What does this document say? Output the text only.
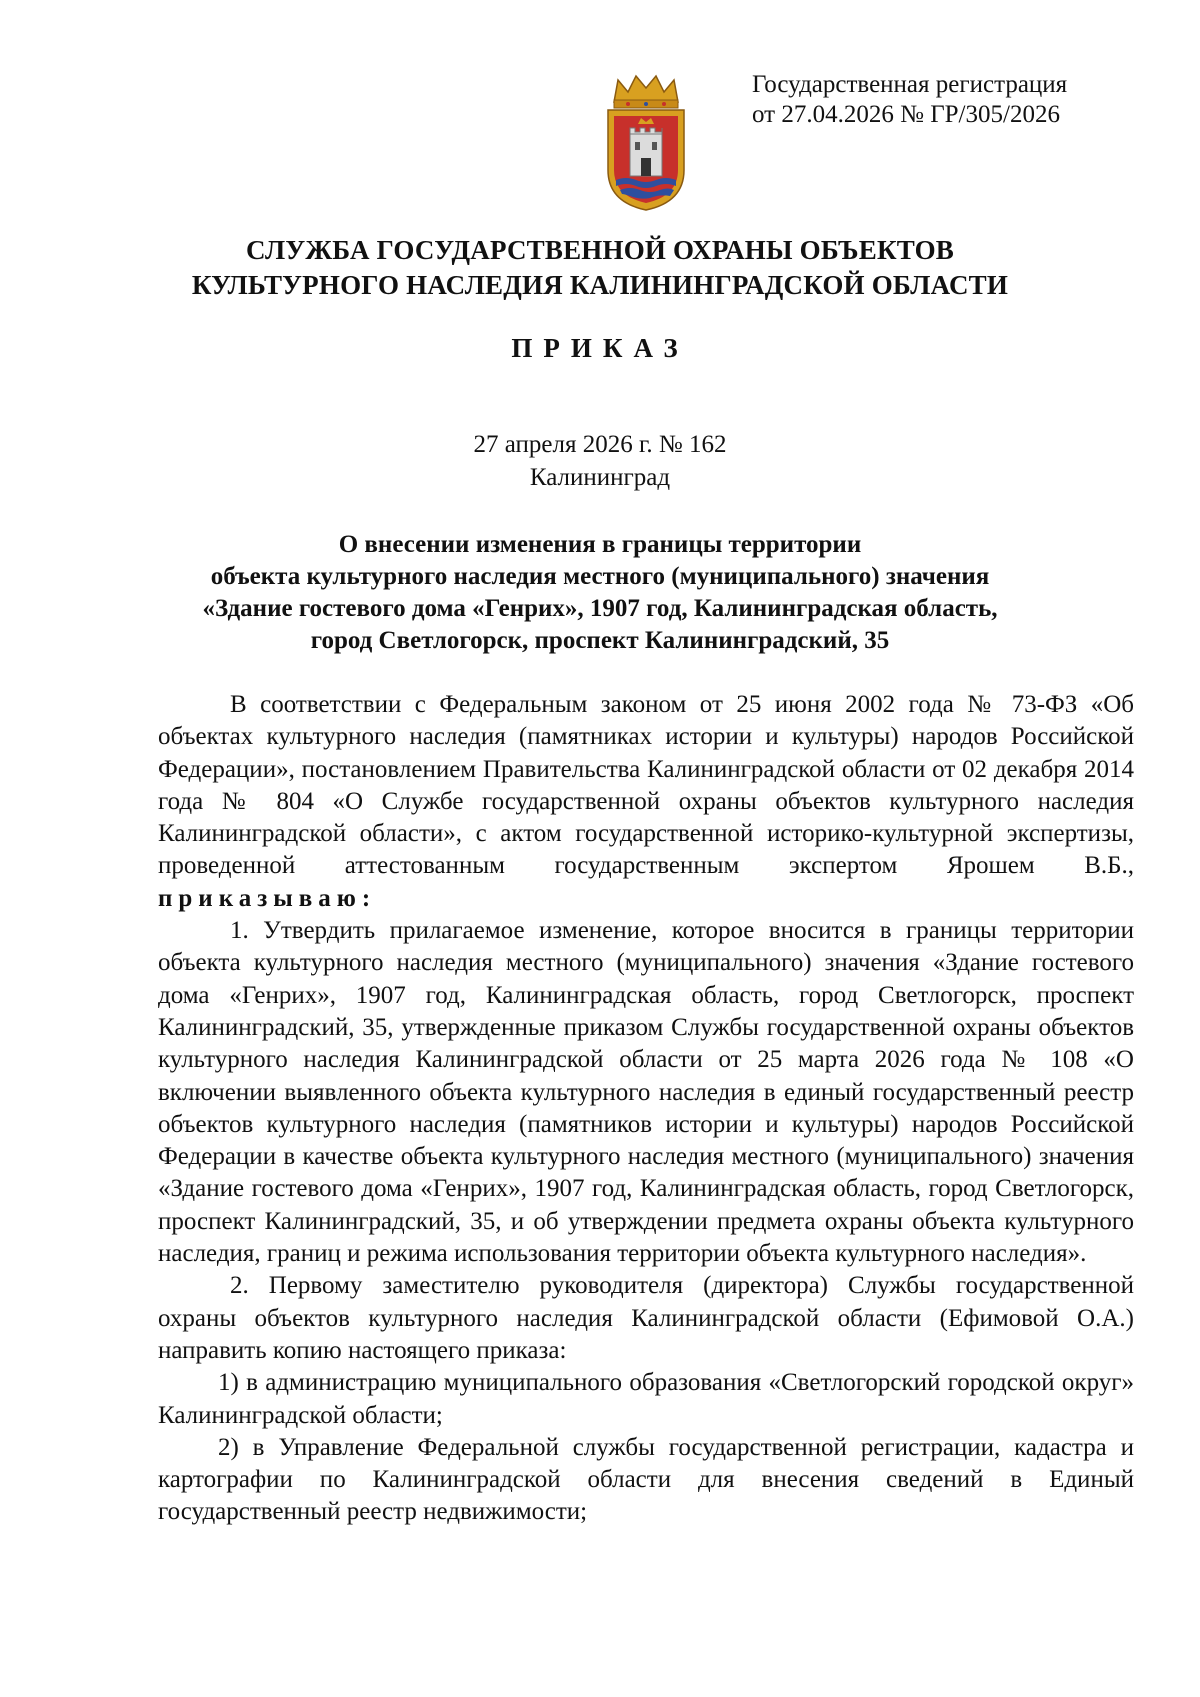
Государственная регистрация
от 27.04.2026 № ГР/305/2026
СЛУЖБА ГОСУДАРСТВЕННОЙ ОХРАНЫ ОБЪЕКТОВ
КУЛЬТУРНОГО НАСЛЕДИЯ КАЛИНИНГРАДСКОЙ ОБЛАСТИ
ПРИКАЗ
27 апреля 2026 г. № 162
Калининград
О внесении изменения в границы территории
объекта культурного наследия местного (муниципального) значения
«Здание гостевого дома «Генрих», 1907 год, Калининградская область,
город Светлогорск, проспект Калининградский, 35

В соответствии с Федеральным законом от 25 июня 2002 года № 73-ФЗ «Об объектах культурного наследия (памятниках истории и культуры) народов Российской Федерации», постановлением Правительства Калининградской области от 02 декабря 2014 года № 804 «О Службе государственной охраны объектов культурного наследия Калининградской области», с актом государственной историко-культурной экспертизы, проведенной аттестованным государственным экспертом Ярошем В.Б., приказываю:

1. Утвердить прилагаемое изменение, которое вносится в границы территории объекта культурного наследия местного (муниципального) значения «Здание гостевого дома «Генрих», 1907 год, Калининградская область, город Светлогорск, проспект Калининградский, 35, утвержденные приказом Службы государственной охраны объектов культурного наследия Калининградской области от 25 марта 2026 года № 108 «О включении выявленного объекта культурного наследия в единый государственный реестр объектов культурного наследия (памятников истории и культуры) народов Российской Федерации в качестве объекта культурного наследия местного (муниципального) значения «Здание гостевого дома «Генрих», 1907 год, Калининградская область, город Светлогорск, проспект Калининградский, 35, и об утверждении предмета охраны объекта культурного наследия, границ и режима использования территории объекта культурного наследия».

2. Первому заместителю руководителя (директора) Службы государственной охраны объектов культурного наследия Калининградской области (Ефимовой О.А.) направить копию настоящего приказа:

1) в администрацию муниципального образования «Светлогорский городской округ» Калининградской области;

2) в Управление Федеральной службы государственной регистрации, кадастра и картографии по Калининградской области для внесения сведений в Единый государственный реестр недвижимости;
